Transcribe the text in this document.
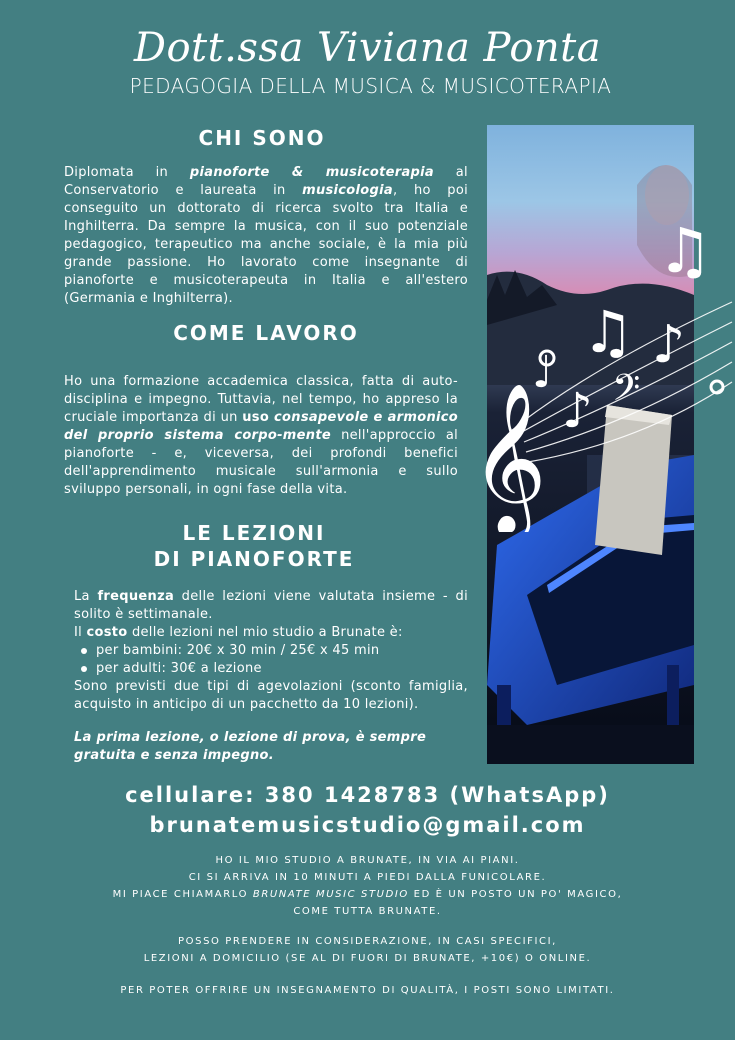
Dott.ssa Viviana Ponta
PEDAGOGIA DELLA MUSICA & MUSICOTERAPIA
CHI SONO
Diplomata in pianoforte & musicoterapia al Conservatorio e laureata in musicologia, ho poi conseguito un dottorato di ricerca svolto tra Italia e Inghilterra. Da sempre la musica, con il suo potenziale pedagogico, terapeutico ma anche sociale, è la mia più grande passione. Ho lavorato come insegnante di pianoforte e musicoterapeuta in Italia e all'estero (Germania e Inghilterra).
COME LAVORO
Ho una formazione accademica classica, fatta di auto-disciplina e impegno. Tuttavia, nel tempo, ho appreso la cruciale importanza di un uso consapevole e armonico del proprio sistema corpo-mente nell'approccio al pianoforte - e, viceversa, dei profondi benefici dell'apprendimento musicale sull'armonia e sullo sviluppo personali, in ogni fase della vita.
LE LEZIONI
DI PIANOFORTE
La frequenza delle lezioni viene valutata insieme - di solito è settimanale.
Il costo delle lezioni nel mio studio a Brunate è:
per bambini: 20€ x 30 min / 25€ x 45 min
per adulti: 30€ a lezione
Sono previsti due tipi di agevolazioni (sconto famiglia, acquisto in anticipo di un pacchetto da 10 lezioni).
La prima lezione, o lezione di prova, è sempre gratuita e senza impegno.
𝄞
♫
♫ ♪
♩
♪ 𝄢
cellulare: 380 1428783 (WhatsApp)
brunatemusicstudio@gmail.com
HO IL MIO STUDIO A BRUNATE, IN VIA AI PIANI.
CI SI ARRIVA IN 10 MINUTI A PIEDI DALLA FUNICOLARE.
MI PIACE CHIAMARLO BRUNATE MUSIC STUDIO ED È UN POSTO UN PO' MAGICO,
COME TUTTA BRUNATE.
POSSO PRENDERE IN CONSIDERAZIONE, IN CASI SPECIFICI,
LEZIONI A DOMICILIO (SE AL DI FUORI DI BRUNATE, +10€) O ONLINE.
PER POTER OFFRIRE UN INSEGNAMENTO DI QUALITÀ, I POSTI SONO LIMITATI.
